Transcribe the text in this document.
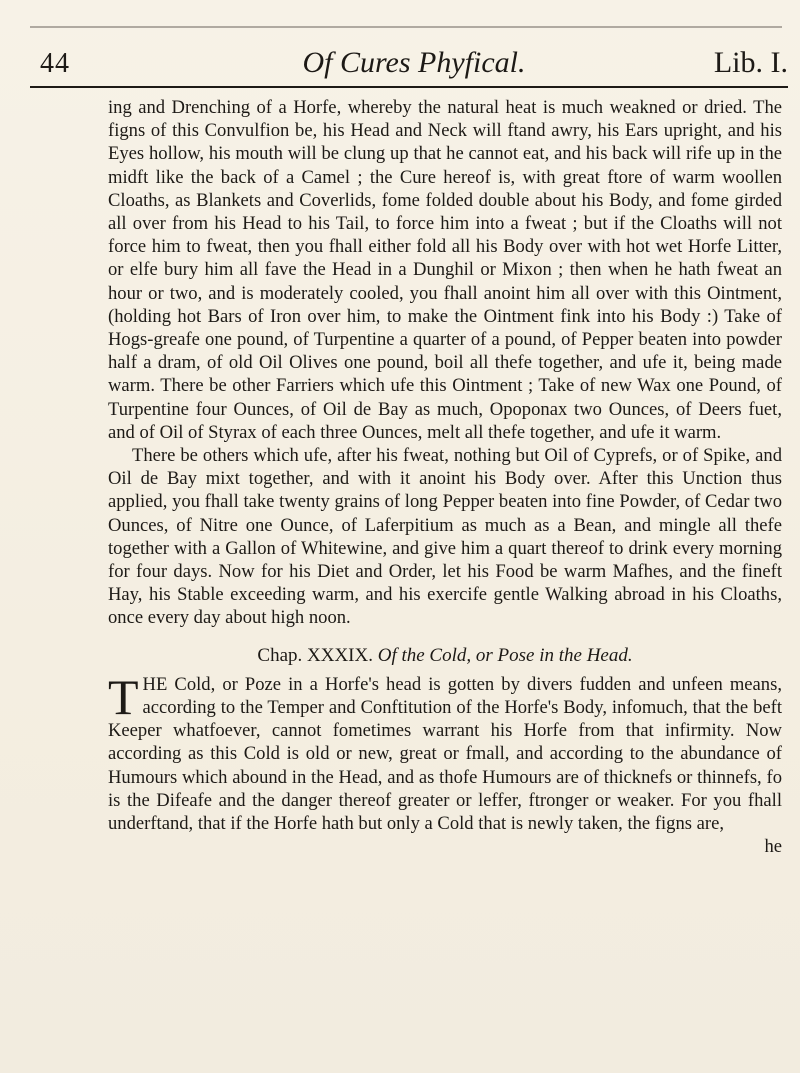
44	Of Cures Phyfical.	Lib. I.

ing and Drenching of a Horfe, whereby the natural heat is much weakned or dried. The figns of this Convulfion be, his Head and Neck will ftand awry, his Ears upright, and his Eyes hollow, his mouth will be clung up that he cannot eat, and his back will rife up in the midft like the back of a Camel ; the Cure hereof is, with great ftore of warm woollen Cloaths, as Blankets and Coverlids, fome folded double about his Body, and fome girded all over from his Head to his Tail, to force him into a fweat ; but if the Cloaths will not force him to fweat, then you fhall either fold all his Body over with hot wet Horfe Litter, or elfe bury him all fave the Head in a Dunghil or Mixon ; then when he hath fweat an hour or two, and is moderately cooled, you fhall anoint him all over with this Ointment, (holding hot Bars of Iron over him, to make the Ointment fink into his Body :) Take of Hogs-greafe one pound, of Turpentine a quarter of a pound, of Pepper beaten into powder half a dram, of old Oil Olives one pound, boil all thefe together, and ufe it, being made warm. There be other Farriers which ufe this Ointment ; Take of new Wax one Pound, of Turpentine four Ounces, of Oil de Bay as much, Opoponax two Ounces, of Deers fuet, and of Oil of Styrax of each three Ounces, melt all thefe together, and ufe it warm.

There be others which ufe, after his fweat, nothing but Oil of Cyprefs, or of Spike, and Oil de Bay mixt together, and with it anoint his Body over. After this Unction thus applied, you fhall take twenty grains of long Pepper beaten into fine Powder, of Cedar two Ounces, of Nitre one Ounce, of Laferpitium as much as a Bean, and mingle all thefe together with a Gallon of Whitewine, and give him a quart thereof to drink every morning for four days. Now for his Diet and Order, let his Food be warm Mafhes, and the fineft Hay, his Stable exceeding warm, and his exercife gentle Walking abroad in his Cloaths, once every day about high noon.

Chap. XXXIX. Of the Cold, or Pose in the Head.

T HE Cold, or Poze in a Horfe's head is gotten by divers fudden and unfeen means, according to the Temper and Conftitution of the Horfe's Body, infomuch, that the beft Keeper whatfoever, cannot fometimes warrant his Horfe from that infirmity. Now according as this Cold is old or new, great or fmall, and according to the abundance of Humours which abound in the Head, and as thofe Humours are of thicknefs or thinnefs, fo is the Difeafe and the danger thereof greater or leffer, ftronger or weaker. For you fhall underftand, that if the Horfe hath but only a Cold that is newly taken, the figns are,

he
